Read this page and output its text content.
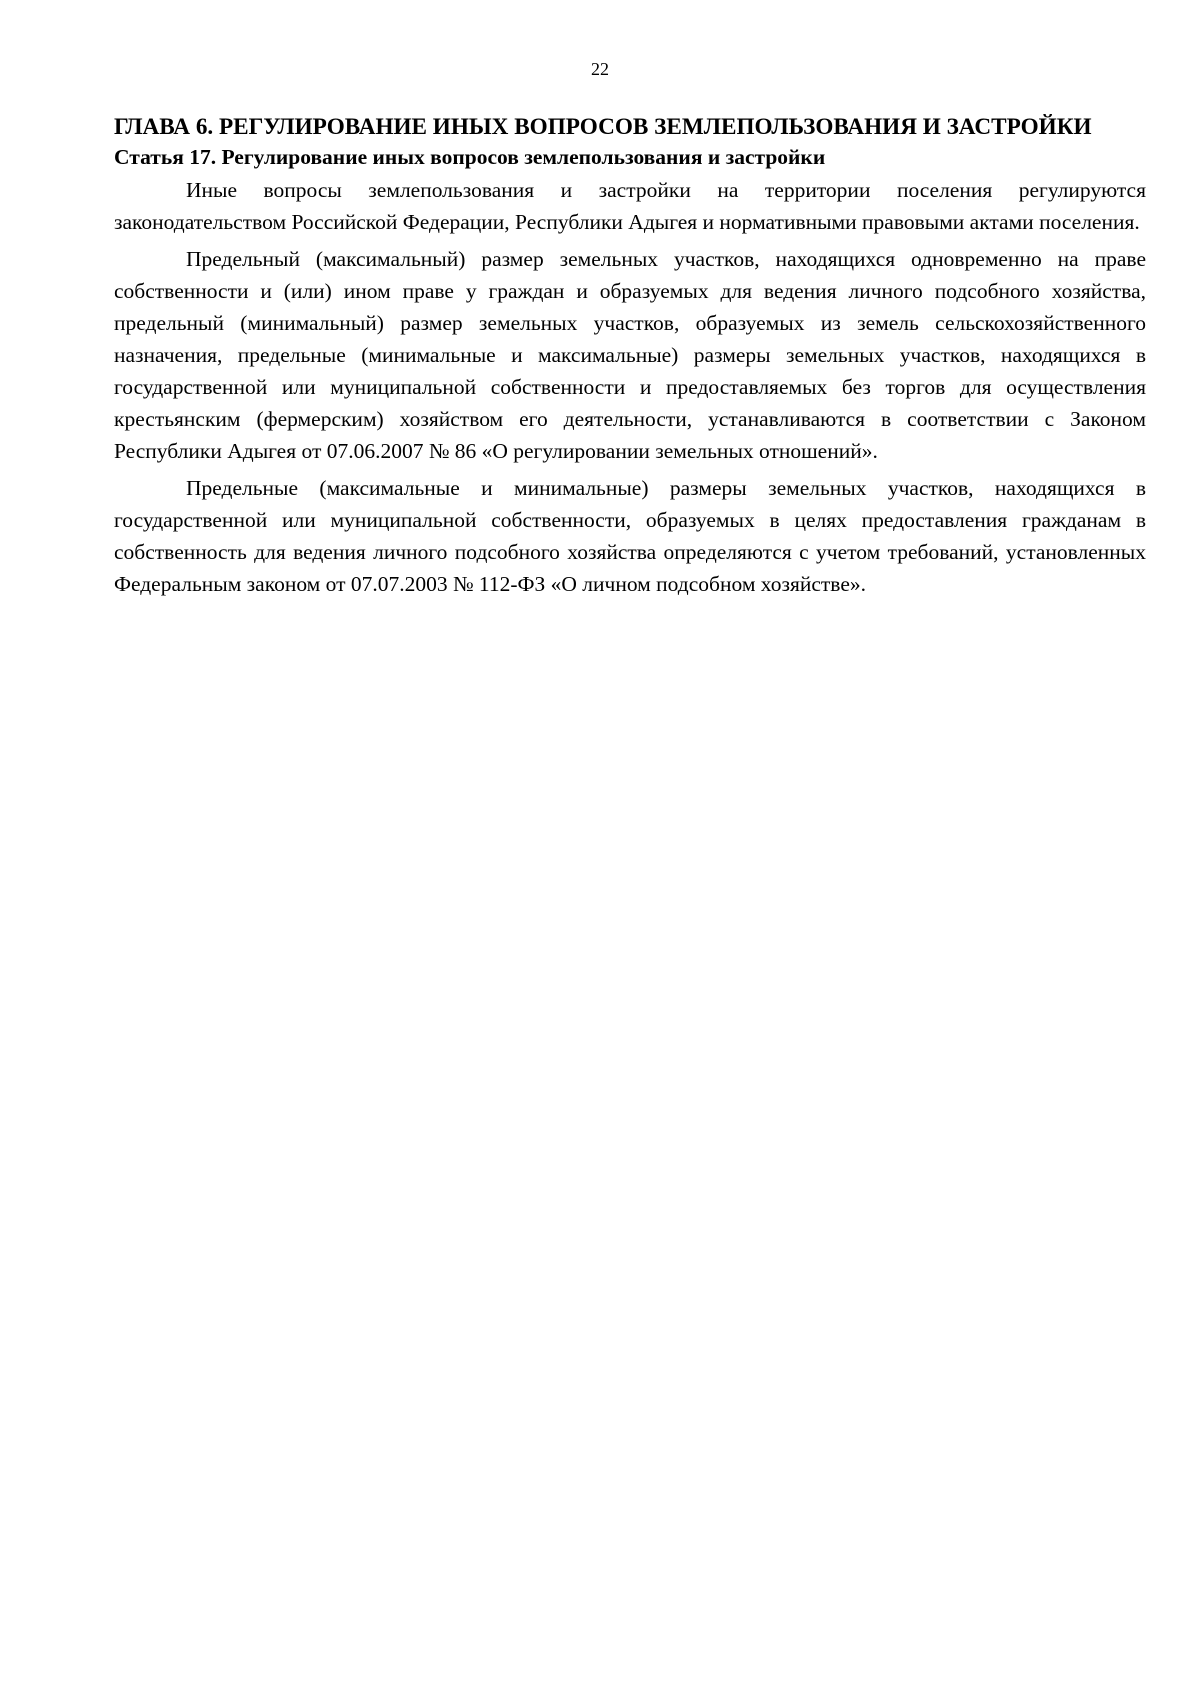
22
ГЛАВА 6. РЕГУЛИРОВАНИЕ ИНЫХ ВОПРОСОВ ЗЕМЛЕПОЛЬЗОВАНИЯ И ЗАСТРОЙКИ
Статья 17. Регулирование иных вопросов землепользования и застройки

Иные вопросы землепользования и застройки на территории поселения регулируются законодательством Российской Федерации, Республики Адыгея и нормативными правовыми актами поселения.

Предельный (максимальный) размер земельных участков, находящихся одновременно на праве собственности и (или) ином праве у граждан и образуемых для ведения личного подсобного хозяйства, предельный (минимальный) размер земельных участков, образуемых из земель сельскохозяйственного назначения, предельные (минимальные и максимальные) размеры земельных участков, находящихся в государственной или муниципальной собственности и предоставляемых без торгов для осуществления крестьянским (фермерским) хозяйством его деятельности, устанавливаются в соответствии с Законом Республики Адыгея от 07.06.2007 № 86 «О регулировании земельных отношений».

Предельные (максимальные и минимальные) размеры земельных участков, находящихся в государственной или муниципальной собственности, образуемых в целях предоставления гражданам в собственность для ведения личного подсобного хозяйства определяются с учетом требований, установленных Федеральным законом от 07.07.2003 № 112-ФЗ «О личном подсобном хозяйстве».
